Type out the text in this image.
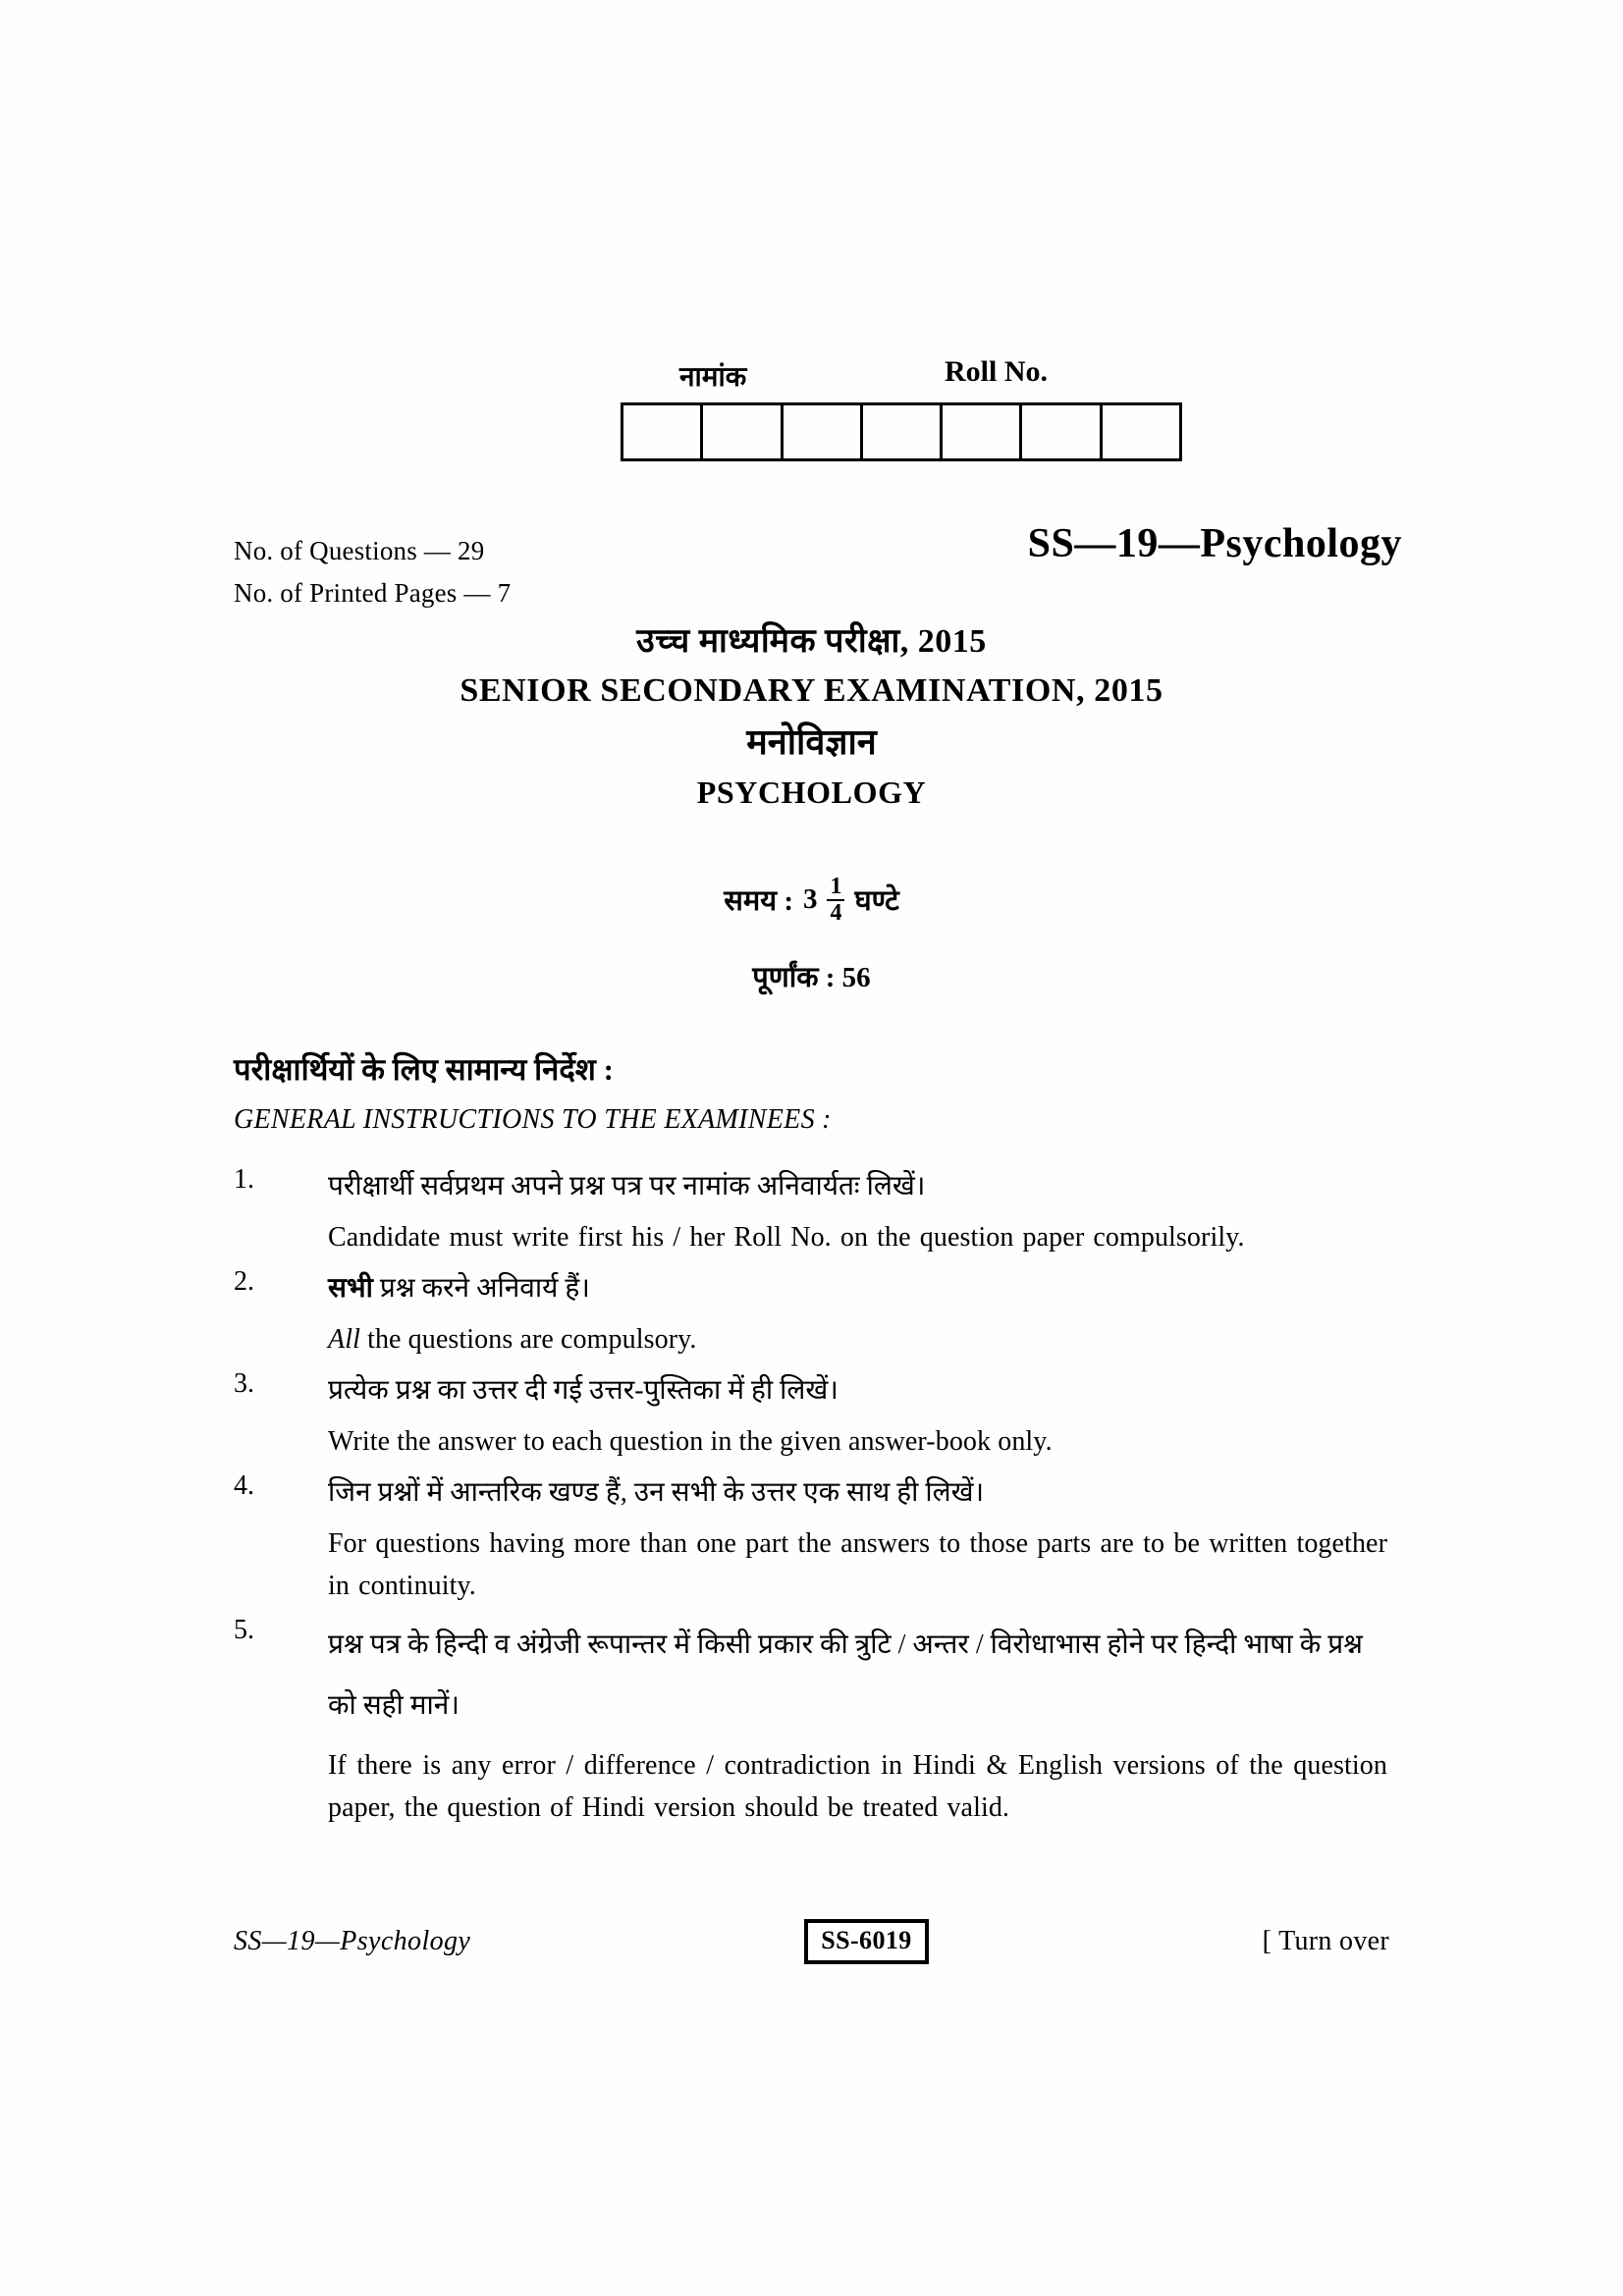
नामांक	Roll No.
No. of Questions — 29
No. of Printed Pages — 7
SS—19—Psychology
उच्च माध्यमिक परीक्षा, 2015
SENIOR SECONDARY EXAMINATION, 2015
मनोविज्ञान
PSYCHOLOGY
समय : $3 \frac{1}{4}$ घण्टे
पूर्णांक : 56
परीक्षार्थियों के लिए सामान्य निर्देश :
GENERAL INSTRUCTIONS TO THE EXAMINEES :
1.	परीक्षार्थी सर्वप्रथम अपने प्रश्न पत्र पर नामांक अनिवार्यतः लिखें।
Candidate must write first his / her Roll No. on the question paper compulsorily.
2.	सभी प्रश्न करने अनिवार्य हैं।
All the questions are compulsory.
3.	प्रत्येक प्रश्न का उत्तर दी गई उत्तर-पुस्तिका में ही लिखें।
Write the answer to each question in the given answer-book only.
4.	जिन प्रश्नों में आन्तरिक खण्ड हैं, उन सभी के उत्तर एक साथ ही लिखें।
For questions having more than one part the answers to those parts are to be written together in continuity.
5.	प्रश्न पत्र के हिन्दी व अंग्रेजी रूपान्तर में किसी प्रकार की त्रुटि / अन्तर / विरोधाभास होने पर हिन्दी भाषा के प्रश्न को सही मानें।
If there is any error / difference / contradiction in Hindi & English versions of the question paper, the question of Hindi version should be treated valid.
SS—19—Psychology	SS-6019	[ Turn over
